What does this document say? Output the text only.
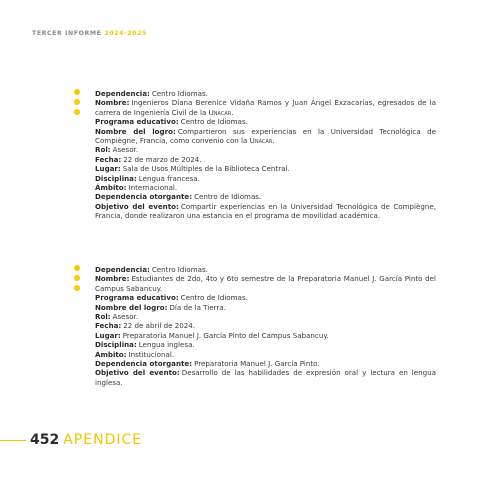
TERCER INFORME 2024-2025

Dependencia: Centro Idiomas.

Nombre: Ingenieros Diana Berenice Vidaña Ramos y Juan Ángel Exzacarías, egresados de la carrera de Ingeniería Civil de la Unacar.

Programa educativo: Centro de Idiomas.

Nombre del logro: Compartieron sus experiencias en la Universidad Tecnológica de Compiègne, Francia, como convenio con la Unacar.

Rol: Asesor.

Fecha: 22 de marzo de 2024.

Lugar: Sala de Usos Múltiples de la Biblioteca Central.

Disciplina: Lengua francesa.

Ámbito: Internacional.

Dependencia otorgante: Centro de Idiomas.

Objetivo del evento: Compartir experiencias en la Universidad Tecnológica de Compiègne, Francia, donde realizaron una estancia en el programa de movilidad académica.

Dependencia: Centro Idiomas.

Nombre: Estudiantes de 2do, 4to y 6to semestre de la Preparatoria Manuel J. García Pinto del Campus Sabancuy.

Programa educativo: Centro de Idiomas.

Nombre del logro: Día de la Tierra.

Rol: Asesor.

Fecha: 22 de abril de 2024.

Lugar: Preparatoria Manuel J. García Pinto del Campus Sabancuy.

Disciplina: Lengua inglesa.

Ámbito: Institucional.

Dependencia otorgante: Preparatoria Manuel J. García Pinto.

Objetivo del evento: Desarrollo de las habilidades de expresión oral y lectura en lengua inglesa.

452 APENDICE
